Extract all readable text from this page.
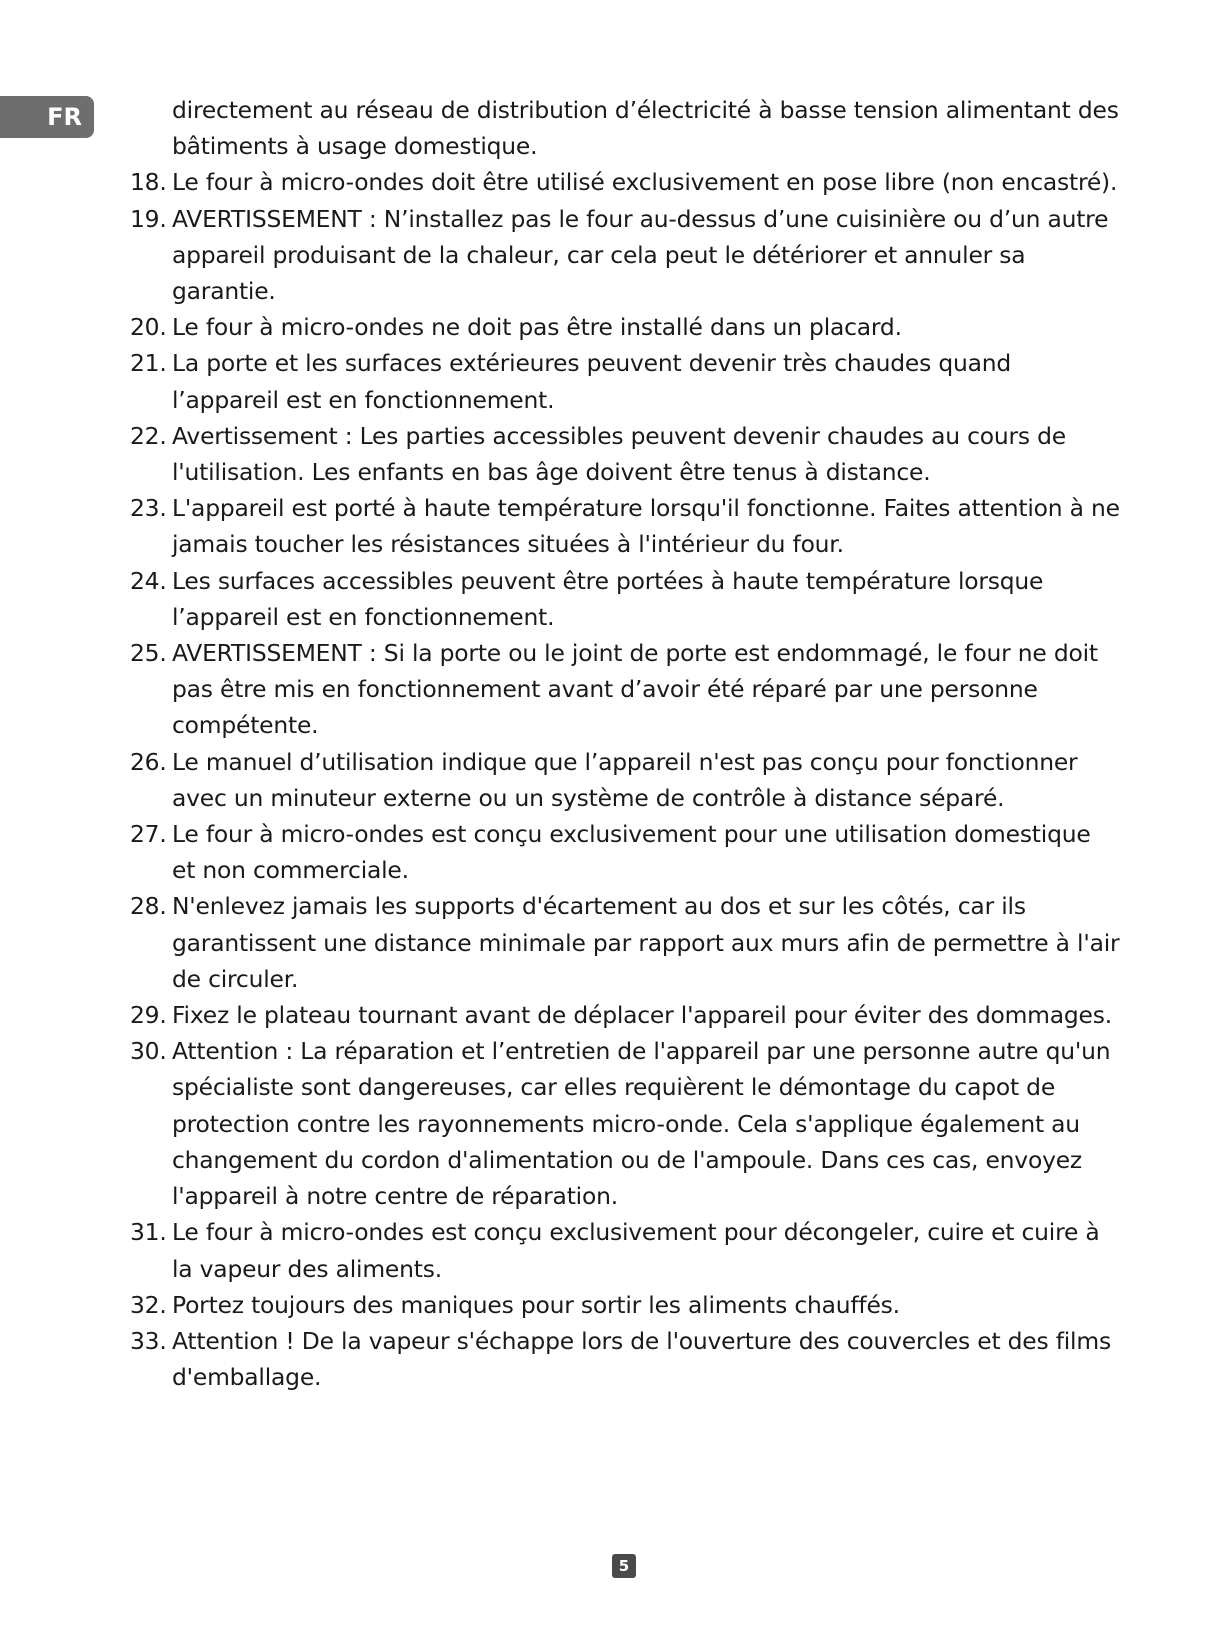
FR	directement au réseau de distribution d’électricité à basse tension alimentant des bâtiments à usage domestique.
18. Le four à micro-ondes doit être utilisé exclusivement en pose libre (non encastré).
19. AVERTISSEMENT : N’installez pas le four au-dessus d’une cuisinière ou d’un autre appareil produisant de la chaleur, car cela peut le détériorer et annuler sa garantie.
20. Le four à micro-ondes ne doit pas être installé dans un placard.
21. La porte et les surfaces extérieures peuvent devenir très chaudes quand l’appareil est en fonctionnement.
22. Avertissement : Les parties accessibles peuvent devenir chaudes au cours de l'utilisation. Les enfants en bas âge doivent être tenus à distance.
23. L'appareil est porté à haute température lorsqu'il fonctionne. Faites attention à ne jamais toucher les résistances situées à l'intérieur du four.
24. Les surfaces accessibles peuvent être portées à haute température lorsque l’appareil est en fonctionnement.
25. AVERTISSEMENT : Si la porte ou le joint de porte est endommagé, le four ne doit pas être mis en fonctionnement avant d’avoir été réparé par une personne compétente.
26. Le manuel d’utilisation indique que l’appareil n'est pas conçu pour fonctionner avec un minuteur externe ou un système de contrôle à distance séparé.
27. Le four à micro-ondes est conçu exclusivement pour une utilisation domestique et non commerciale.
28. N'enlevez jamais les supports d'écartement au dos et sur les côtés, car ils garantissent une distance minimale par rapport aux murs afin de permettre à l'air de circuler.
29. Fixez le plateau tournant avant de déplacer l'appareil pour éviter des dommages.
30. Attention : La réparation et l’entretien de l'appareil par une personne autre qu'un spécialiste sont dangereuses, car elles requièrent le démontage du capot de protection contre les rayonnements micro-onde. Cela s'applique également au changement du cordon d'alimentation ou de l'ampoule. Dans ces cas, envoyez l'appareil à notre centre de réparation.
31. Le four à micro-ondes est conçu exclusivement pour décongeler, cuire et cuire à la vapeur des aliments.
32. Portez toujours des maniques pour sortir les aliments chauffés.
33. Attention ! De la vapeur s'échappe lors de l'ouverture des couvercles et des films d'emballage.
5
